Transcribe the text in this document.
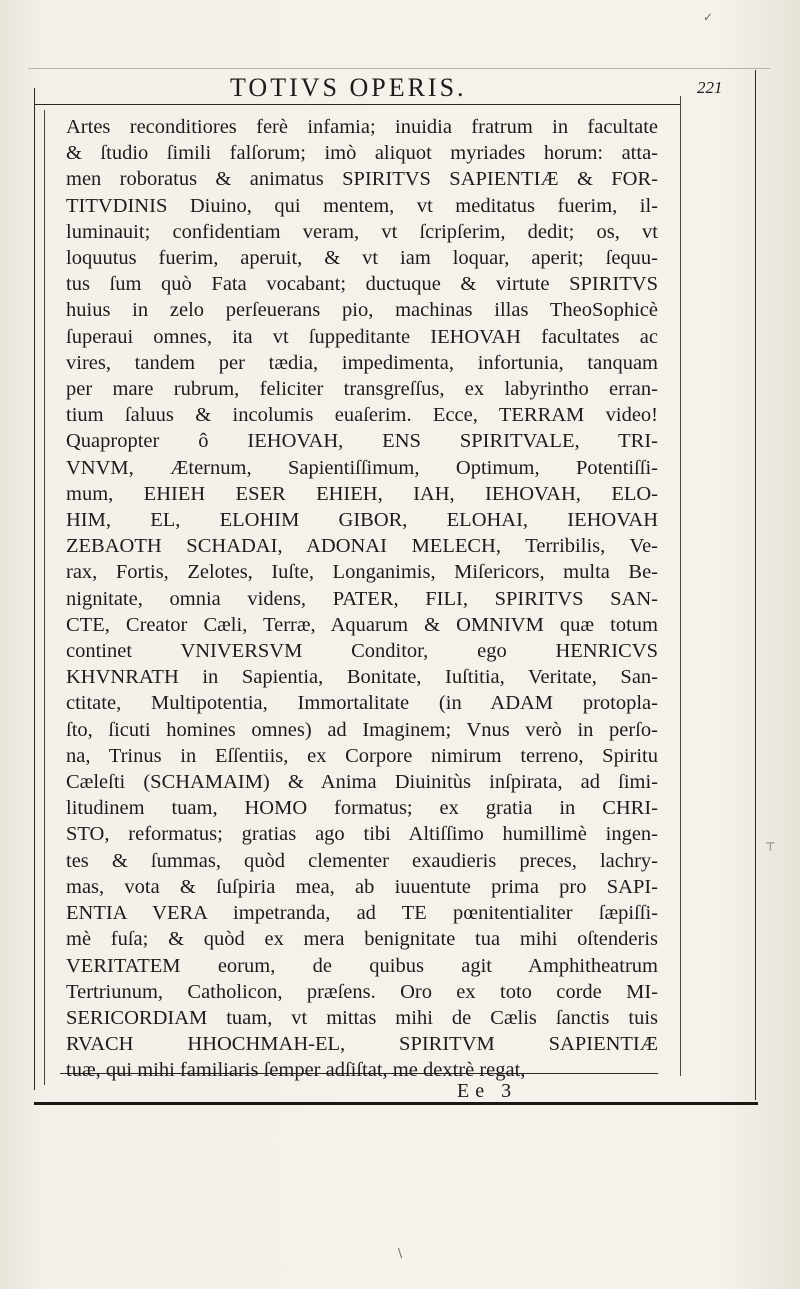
TOTIVS OPERIS.	221
Artes reconditiores ferè infamia; inuidia fratrum in facultate
& ſtudio ſimili falſorum; imò aliquot myriades horum: atta-
men roboratus & animatus SPIRITVS SAPIENTIÆ & FOR-
TITVDINIS Diuino, qui mentem, vt meditatus fuerim, il-
luminauit; confidentiam veram, vt ſcripſerim, dedit; os, vt
loquutus fuerim, aperuit, & vt iam loquar, aperit; ſequu-
tus ſum quò Fata vocabant; ductuque & virtute SPIRITVS
huius in zelo perſeuerans pio, machinas illas TheoSophicè
ſuperaui omnes, ita vt ſuppeditante IEHOVAH facultates ac
vires, tandem per tædia, impedimenta, infortunia, tanquam
per mare rubrum, feliciter transgreſſus, ex labyrintho erran-
tium ſaluus & incolumis euaſerim. Ecce, TERRAM video!
Quapropter ô IEHOVAH, ENS SPIRITVALE, TRI-
VNVM, Æternum, Sapientiſſimum, Optimum, Potentiſſi-
mum, EHIEH ESER EHIEH, IAH, IEHOVAH, ELO-
HIM, EL, ELOHIM GIBOR, ELOHAI, IEHOVAH
ZEBAOTH SCHADAI, ADONAI MELECH, Terribilis, Ve-
rax, Fortis, Zelotes, Iuſte, Longanimis, Miſericors, multa Be-
nignitate, omnia videns, PATER, FILI, SPIRITVS SAN-
CTE, Creator Cæli, Terræ, Aquarum & OMNIVM quæ totum
continet VNIVERSVM Conditor, ego HENRICVS
KHVNRATH in Sapientia, Bonitate, Iuſtitia, Veritate, San-
ctitate, Multipotentia, Immortalitate (in ADAM protopla-
ſto, ſicuti homines omnes) ad Imaginem; Vnus verò in perſo-
na, Trinus in Eſſentiis, ex Corpore nimirum terreno, Spiritu
Cæleſti (SCHAMAIM) & Anima Diuinitùs inſpirata, ad ſimi-
litudinem tuam, HOMO formatus; ex gratia in CHRI-
STO, reformatus; gratias ago tibi Altiſſimo humillimè ingen-
tes & ſummas, quòd clementer exaudieris preces, lachry-
mas, vota & ſuſpiria mea, ab iuuentute prima pro SAPI-
ENTIA VERA impetranda, ad TE pœnitentialiter ſæpiſſi-
mè fuſa; & quòd ex mera benignitate tua mihi oſtenderis
VERITATEM eorum, de quibus agit Amphitheatrum
Tertriunum, Catholicon, præſens. Oro ex toto corde MI-
SERICORDIAM tuam, vt mittas mihi de Cælis ſanctis tuis
RVACH HHOCHMAH-EL, SPIRITVM SAPIENTIÆ
tuæ, qui mihi familiaris ſemper adſiſtat, me dextrè regat,
Ee 3
✓
⊤
\
